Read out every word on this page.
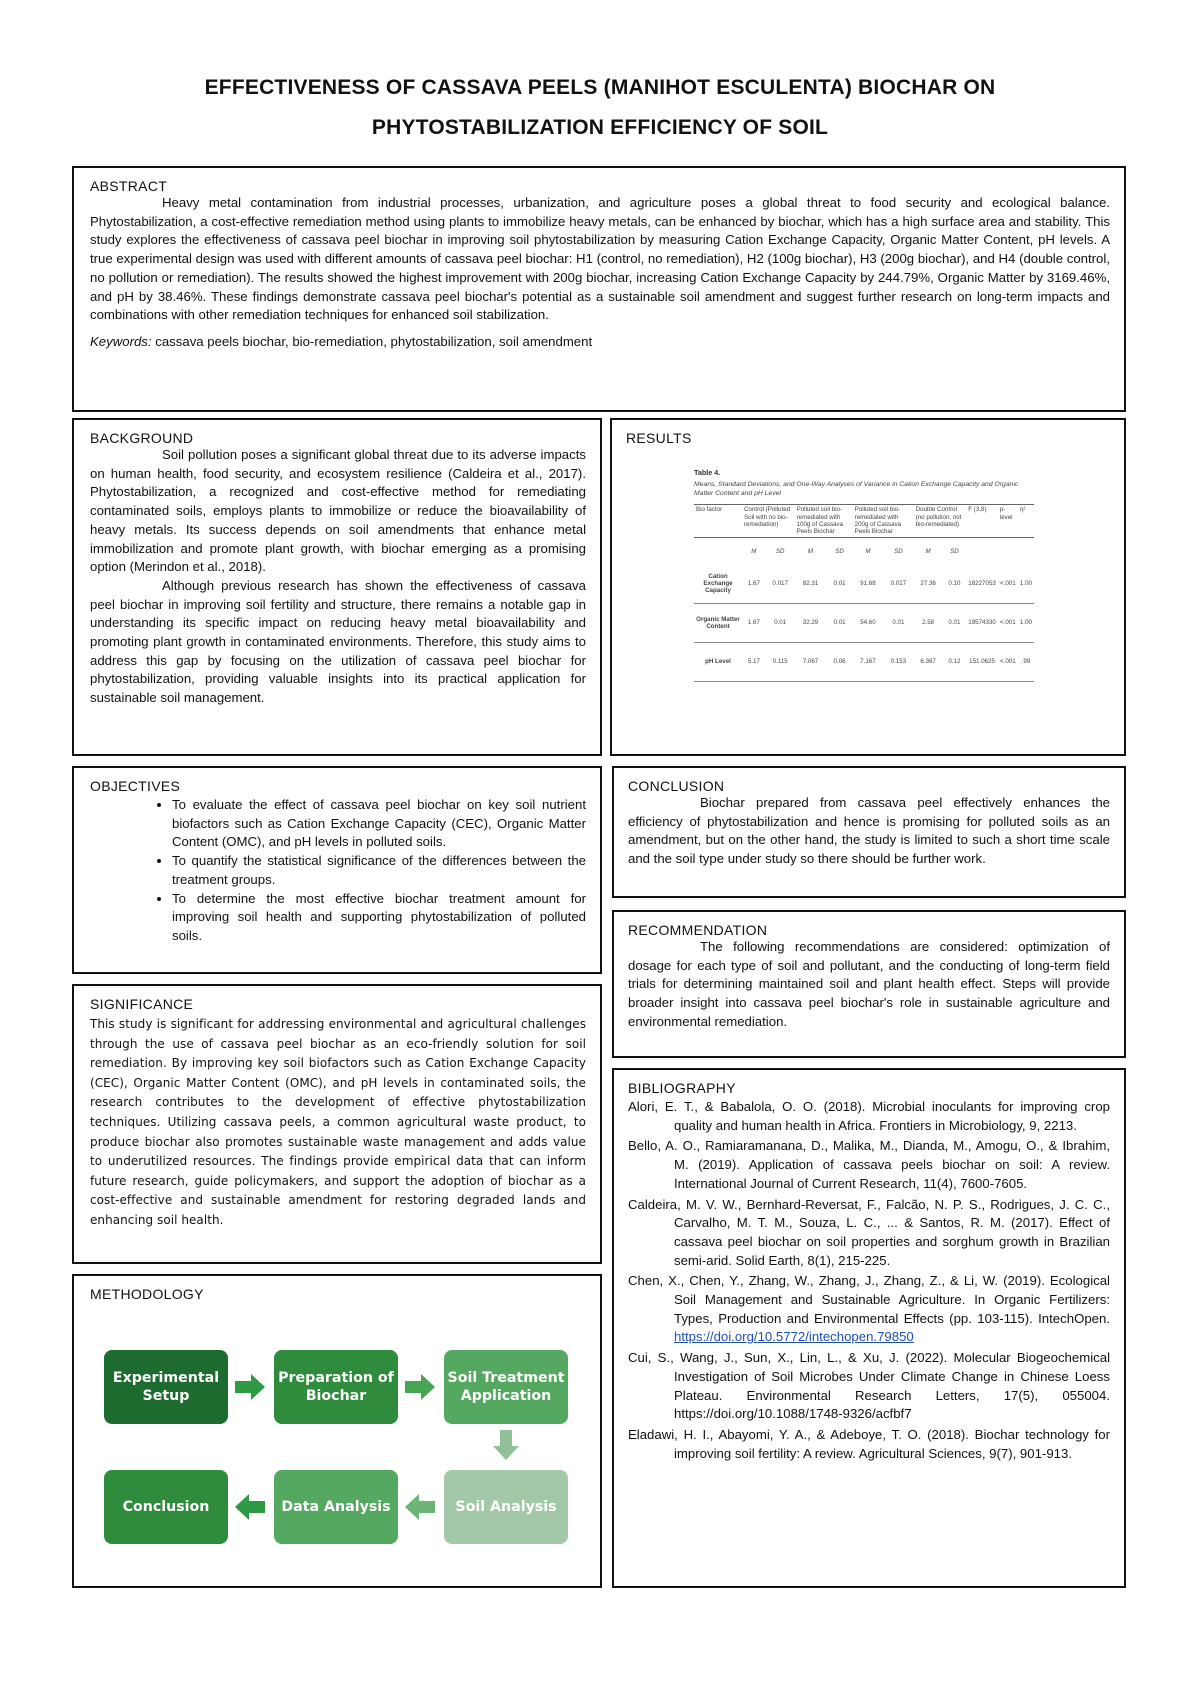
EFFECTIVENESS OF CASSAVA PEELS (MANIHOT ESCULENTA) BIOCHAR ON
PHYTOSTABILIZATION EFFICIENCY OF SOIL
ABSTRACT

Heavy metal contamination from industrial processes, urbanization, and agriculture poses a global threat to food security and ecological balance. Phytostabilization, a cost-effective remediation method using plants to immobilize heavy metals, can be enhanced by biochar, which has a high surface area and stability. This study explores the effectiveness of cassava peel biochar in improving soil phytostabilization by measuring Cation Exchange Capacity, Organic Matter Content, pH levels. A true experimental design was used with different amounts of cassava peel biochar: H1 (control, no remediation), H2 (100g biochar), H3 (200g biochar), and H4 (double control, no pollution or remediation). The results showed the highest improvement with 200g biochar, increasing Cation Exchange Capacity by 244.79%, Organic Matter by 3169.46%, and pH by 38.46%. These findings demonstrate cassava peel biochar's potential as a sustainable soil amendment and suggest further research on long-term impacts and combinations with other remediation techniques for enhanced soil stabilization.

Keywords: cassava peels biochar, bio-remediation, phytostabilization, soil amendment

BACKGROUND

Soil pollution poses a significant global threat due to its adverse impacts on human health, food security, and ecosystem resilience (Caldeira et al., 2017). Phytostabilization, a recognized and cost-effective method for remediating contaminated soils, employs plants to immobilize or reduce the bioavailability of heavy metals. Its success depends on soil amendments that enhance metal immobilization and promote plant growth, with biochar emerging as a promising option (Merindon et al., 2018).

Although previous research has shown the effectiveness of cassava peel biochar in improving soil fertility and structure, there remains a notable gap in understanding its specific impact on reducing heavy metal bioavailability and promoting plant growth in contaminated environments. Therefore, this study aims to address this gap by focusing on the utilization of cassava peel biochar for phytostabilization, providing valuable insights into its practical application for sustainable soil management.

RESULTS
Table 4.
Means, Standard Deviations, and One-Way Analyses of Variance in Cation Exchange Capacity and Organic Matter Content and pH Level
Bio factor	Control (Polluted Soil with no bio-remediation)		Polluted soil bio-remediated with 100g of Cassava Peels Biochar		Polluted soil bio-remediated with 200g of Cassava Peels Biochar		Double Control (no pollution, not bio-remediated)		F (3,8)	p-level	η²
	M	SD	M	SD	M	SD	M	SD			
Cation Exchange Capacity	1.67	0.017	82.31	0.01	91.68	0.017	27.36	0.10	18227053	<.001	1.00
Organic Matter Content	1.67	0.01	32.29	0.01	54.60	0.01	2.58	0.01	19574330	<.001	1.00
pH Level	5.17	0.115	7.067	0.06	7.167	0.153	6.367	0.12	151.0625	<.001	.99
OBJECTIVES
• To evaluate the effect of cassava peel biochar on key soil nutrient biofactors such as Cation Exchange Capacity (CEC), Organic Matter Content (OMC), and pH levels in polluted soils.
• To quantify the statistical significance of the differences between the treatment groups.
• To determine the most effective biochar treatment amount for improving soil health and supporting phytostabilization of polluted soils.
CONCLUSION

Biochar prepared from cassava peel effectively enhances the efficiency of phytostabilization and hence is promising for polluted soils as an amendment, but on the other hand, the study is limited to such a short time scale and the soil type under study so there should be further work.

RECOMMENDATION

The following recommendations are considered: optimization of dosage for each type of soil and pollutant, and the conducting of long-term field trials for determining maintained soil and plant health effect. Steps will provide broader insight into cassava peel biochar's role in sustainable agriculture and environmental remediation.

SIGNIFICANCE

This study is significant for addressing environmental and agricultural challenges through the use of cassava peel biochar as an eco-friendly solution for soil remediation. By improving key soil biofactors such as Cation Exchange Capacity (CEC), Organic Matter Content (OMC), and pH levels in contaminated soils, the research contributes to the development of effective phytostabilization techniques. Utilizing cassava peels, a common agricultural waste product, to produce biochar also promotes sustainable waste management and adds value to underutilized resources. The findings provide empirical data that can inform future research, guide policymakers, and support the adoption of biochar as a cost-effective and sustainable amendment for restoring degraded lands and enhancing soil health.

BIBLIOGRAPHY

Alori, E. T., & Babalola, O. O. (2018). Microbial inoculants for improving crop quality and human health in Africa. Frontiers in Microbiology, 9, 2213.

Bello, A. O., Ramiaramanana, D., Malika, M., Dianda, M., Amogu, O., & Ibrahim, M. (2019). Application of cassava peels biochar on soil: A review. International Journal of Current Research, 11(4), 7600-7605.

Caldeira, M. V. W., Bernhard-Reversat, F., Falcão, N. P. S., Rodrigues, J. C. C., Carvalho, M. T. M., Souza, L. C., ... & Santos, R. M. (2017). Effect of cassava peel biochar on soil properties and sorghum growth in Brazilian semi-arid. Solid Earth, 8(1), 215-225.

Chen, X., Chen, Y., Zhang, W., Zhang, J., Zhang, Z., & Li, W. (2019). Ecological Soil Management and Sustainable Agriculture. In Organic Fertilizers: Types, Production and Environmental Effects (pp. 103-115). IntechOpen. https://doi.org/10.5772/intechopen.79850

Cui, S., Wang, J., Sun, X., Lin, L., & Xu, J. (2022). Molecular Biogeochemical Investigation of Soil Microbes Under Climate Change in Chinese Loess Plateau. Environmental Research Letters, 17(5), 055004. https://doi.org/10.1088/1748-9326/acfbf7

Eladawi, H. I., Abayomi, Y. A., & Adeboye, T. O. (2018). Biochar technology for improving soil fertility: A review. Agricultural Sciences, 9(7), 901-913.

METHODOLOGY
Experimental Setup
Preparation of Biochar
Soil Treatment Application
Soil Analysis
Data Analysis
Conclusion
